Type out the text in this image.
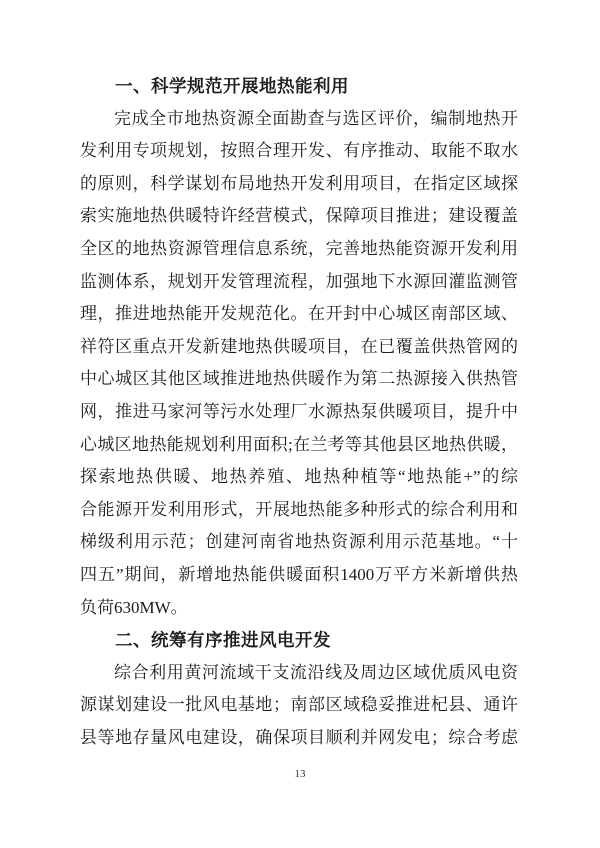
一、科学规范开展地热能利用
完成全市地热资源全面勘查与选区评价，编制地热开
发利用专项规划，按照合理开发、有序推动、取能不取水
的原则，科学谋划布局地热开发利用项目，在指定区域探
索实施地热供暖特许经营模式，保障项目推进；建设覆盖
全区的地热资源管理信息系统，完善地热能资源开发利用
监测体系，规划开发管理流程，加强地下水源回灌监测管
理，推进地热能开发规范化。在开封中心城区南部区域、
祥符区重点开发新建地热供暖项目，在已覆盖供热管网的
中心城区其他区域推进地热供暖作为第二热源接入供热管
网，推进马家河等污水处理厂水源热泵供暖项目，提升中
心城区地热能规划利用面积;在兰考等其他县区地热供暖，
探索地热供暖、地热养殖、地热种植等“地热能+”的综
合能源开发利用形式，开展地热能多种形式的综合利用和
梯级利用示范；创建河南省地热资源利用示范基地。“十
四五”期间，新增地热能供暖面积1400万平方米新增供热
负荷630MW。
二、统筹有序推进风电开发
综合利用黄河流域干支流沿线及周边区域优质风电资
源谋划建设一批风电基地；南部区域稳妥推进杞县、通许
县等地存量风电建设，确保项目顺利并网发电；综合考虑
13
